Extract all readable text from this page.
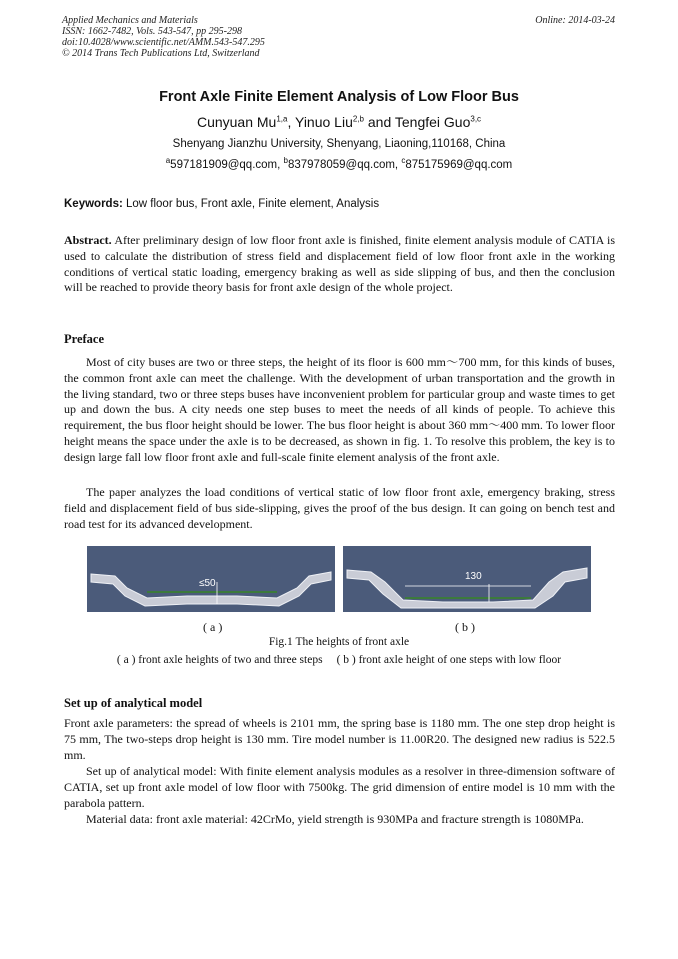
Applied Mechanics and Materials
ISSN: 1662-7482, Vols. 543-547, pp 295-298
doi:10.4028/www.scientific.net/AMM.543-547.295
© 2014 Trans Tech Publications Ltd, Switzerland
Online: 2014-03-24
Front Axle Finite Element Analysis of Low Floor Bus
Cunyuan Mu$^{1,a}$, Yinuo Liu$^{2,b}$ and Tengfei Guo$^{3,c}$
Shenyang Jianzhu University, Shenyang, Liaoning,110168, China
$^a$597181909@qq.com, $^b$837978059@qq.com, $^c$875175969@qq.com
Keywords: Low floor bus, Front axle, Finite element, Analysis
Abstract. After preliminary design of low floor front axle is finished, finite element analysis module of CATIA is used to calculate the distribution of stress field and displacement field of low floor front axle in the working conditions of vertical static loading, emergency braking as well as side slipping of bus, and then the conclusion will be reached to provide theory basis for front axle design of the whole project.
Preface
Most of city buses are two or three steps, the height of its floor is 600 mm～700 mm, for this kinds of buses, the common front axle can meet the challenge. With the development of urban transportation and the growth in the living standard, two or three steps buses have inconvenient problem for particular group and waste times to get up and down the bus. A city needs one step buses to meet the needs of all kinds of people. To achieve this requirement, the bus floor height should be lower. The bus floor height is about 360 mm～400 mm. To lower floor height means the space under the axle is to be decreased, as shown in fig. 1. To resolve this problem, the key is to design large fall low floor front axle and full-scale finite element analysis of the front axle.
The paper analyzes the load conditions of vertical static of low floor front axle, emergency braking, stress field and displacement field of bus side-slipping, gives the proof of the bus design. It can going on bench test and road test for its advanced development.
≤50
130
( a )	( b )
Fig.1 The heights of front axle
( a ) front axle heights of two and three steps ( b ) front axle height of one steps with low floor
Set up of analytical model
Front axle parameters: the spread of wheels is 2101 mm, the spring base is 1180 mm. The one step drop height is 75 mm, The two-steps drop height is 130 mm. Tire model number is 11.00R20. The designed new radius is 522.5 mm.
Set up of analytical model: With finite element analysis modules as a resolver in three-dimension software of CATIA, set up front axle model of low floor with 7500kg. The grid dimension of entire model is 10 mm with the parabola pattern.
Material data: front axle material: 42CrMo, yield strength is 930MPa and fracture strength is 1080MPa.
